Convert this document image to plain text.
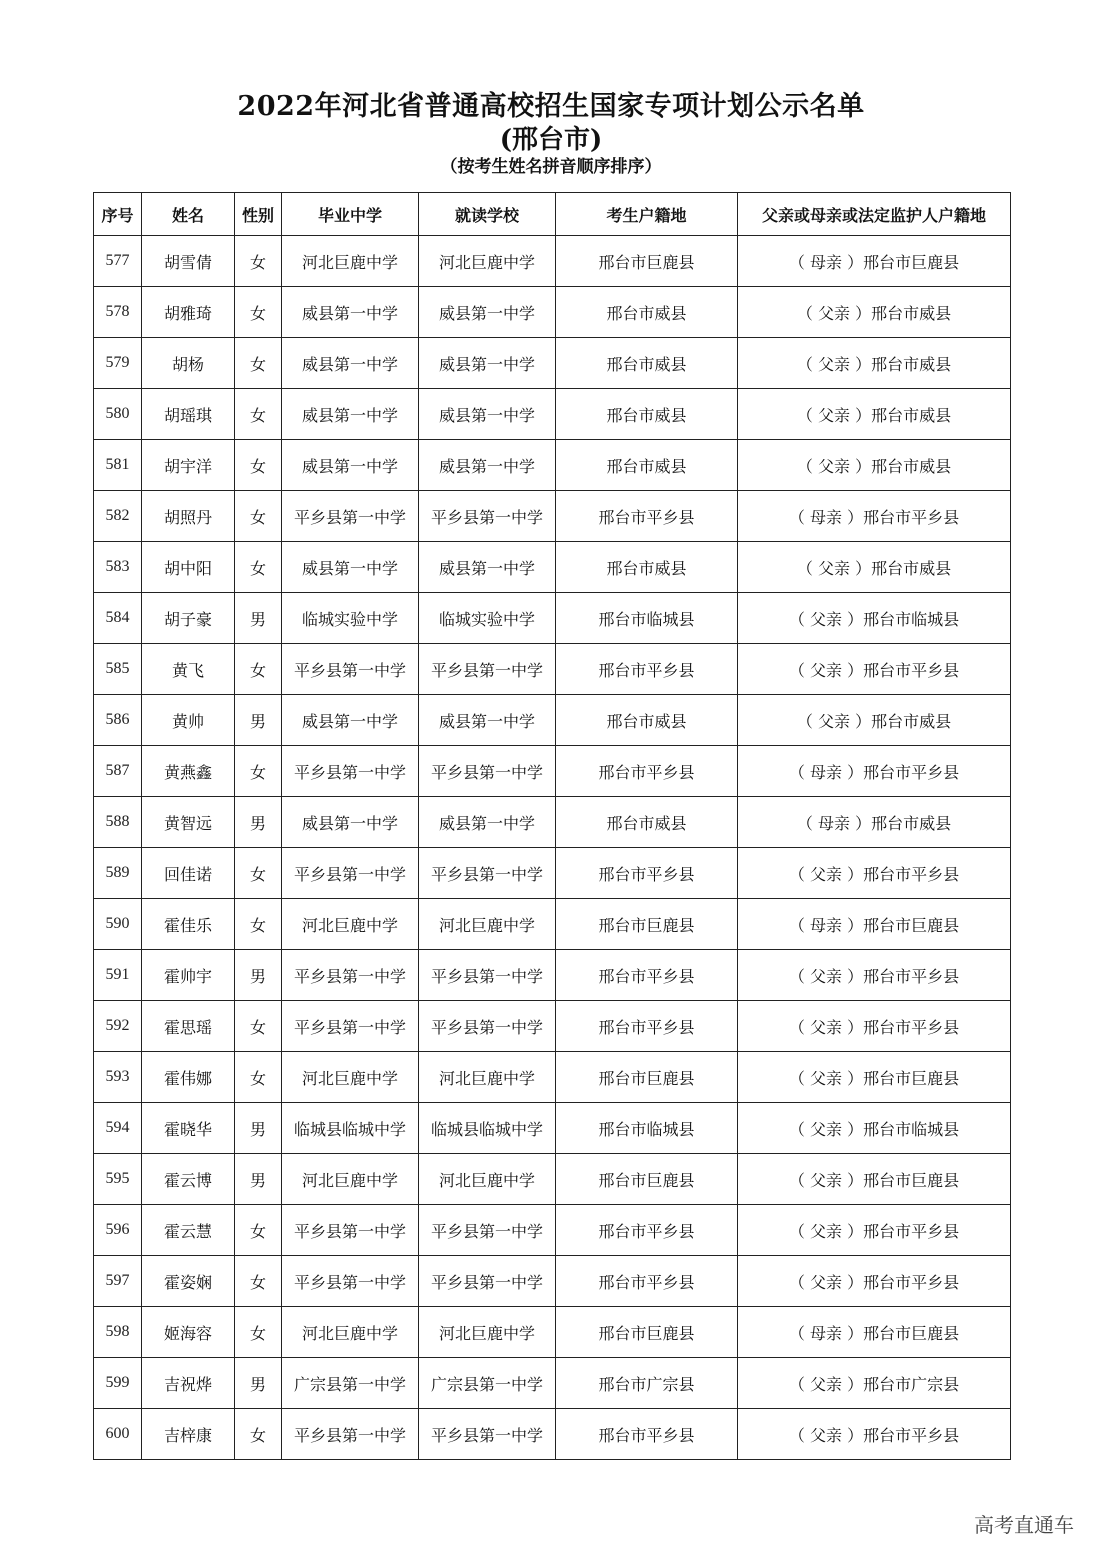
2022年河北省普通高校招生国家专项计划公示名单
(邢台市)
（按考生姓名拼音顺序排序）
序号	姓名	性别	毕业中学	就读学校	考生户籍地	父亲或母亲或法定监护人户籍地
577	胡雪倩	女	河北巨鹿中学	河北巨鹿中学	邢台市巨鹿县	（ 母亲 ）邢台市巨鹿县
578	胡雅琦	女	威县第一中学	威县第一中学	邢台市威县	（ 父亲 ）邢台市威县
579	胡杨	女	威县第一中学	威县第一中学	邢台市威县	（ 父亲 ）邢台市威县
580	胡瑶琪	女	威县第一中学	威县第一中学	邢台市威县	（ 父亲 ）邢台市威县
581	胡宇洋	女	威县第一中学	威县第一中学	邢台市威县	（ 父亲 ）邢台市威县
582	胡照丹	女	平乡县第一中学	平乡县第一中学	邢台市平乡县	（ 母亲 ）邢台市平乡县
583	胡中阳	女	威县第一中学	威县第一中学	邢台市威县	（ 父亲 ）邢台市威县
584	胡子豪	男	临城实验中学	临城实验中学	邢台市临城县	（ 父亲 ）邢台市临城县
585	黄飞	女	平乡县第一中学	平乡县第一中学	邢台市平乡县	（ 父亲 ）邢台市平乡县
586	黄帅	男	威县第一中学	威县第一中学	邢台市威县	（ 父亲 ）邢台市威县
587	黄燕鑫	女	平乡县第一中学	平乡县第一中学	邢台市平乡县	（ 母亲 ）邢台市平乡县
588	黄智远	男	威县第一中学	威县第一中学	邢台市威县	（ 母亲 ）邢台市威县
589	回佳诺	女	平乡县第一中学	平乡县第一中学	邢台市平乡县	（ 父亲 ）邢台市平乡县
590	霍佳乐	女	河北巨鹿中学	河北巨鹿中学	邢台市巨鹿县	（ 母亲 ）邢台市巨鹿县
591	霍帅宇	男	平乡县第一中学	平乡县第一中学	邢台市平乡县	（ 父亲 ）邢台市平乡县
592	霍思瑶	女	平乡县第一中学	平乡县第一中学	邢台市平乡县	（ 父亲 ）邢台市平乡县
593	霍伟娜	女	河北巨鹿中学	河北巨鹿中学	邢台市巨鹿县	（ 父亲 ）邢台市巨鹿县
594	霍晓华	男	临城县临城中学	临城县临城中学	邢台市临城县	（ 父亲 ）邢台市临城县
595	霍云博	男	河北巨鹿中学	河北巨鹿中学	邢台市巨鹿县	（ 父亲 ）邢台市巨鹿县
596	霍云慧	女	平乡县第一中学	平乡县第一中学	邢台市平乡县	（ 父亲 ）邢台市平乡县
597	霍姿娴	女	平乡县第一中学	平乡县第一中学	邢台市平乡县	（ 父亲 ）邢台市平乡县
598	姬海容	女	河北巨鹿中学	河北巨鹿中学	邢台市巨鹿县	（ 母亲 ）邢台市巨鹿县
599	吉祝烨	男	广宗县第一中学	广宗县第一中学	邢台市广宗县	（ 父亲 ）邢台市广宗县
600	吉梓康	女	平乡县第一中学	平乡县第一中学	邢台市平乡县	（ 父亲 ）邢台市平乡县
高考直通车
